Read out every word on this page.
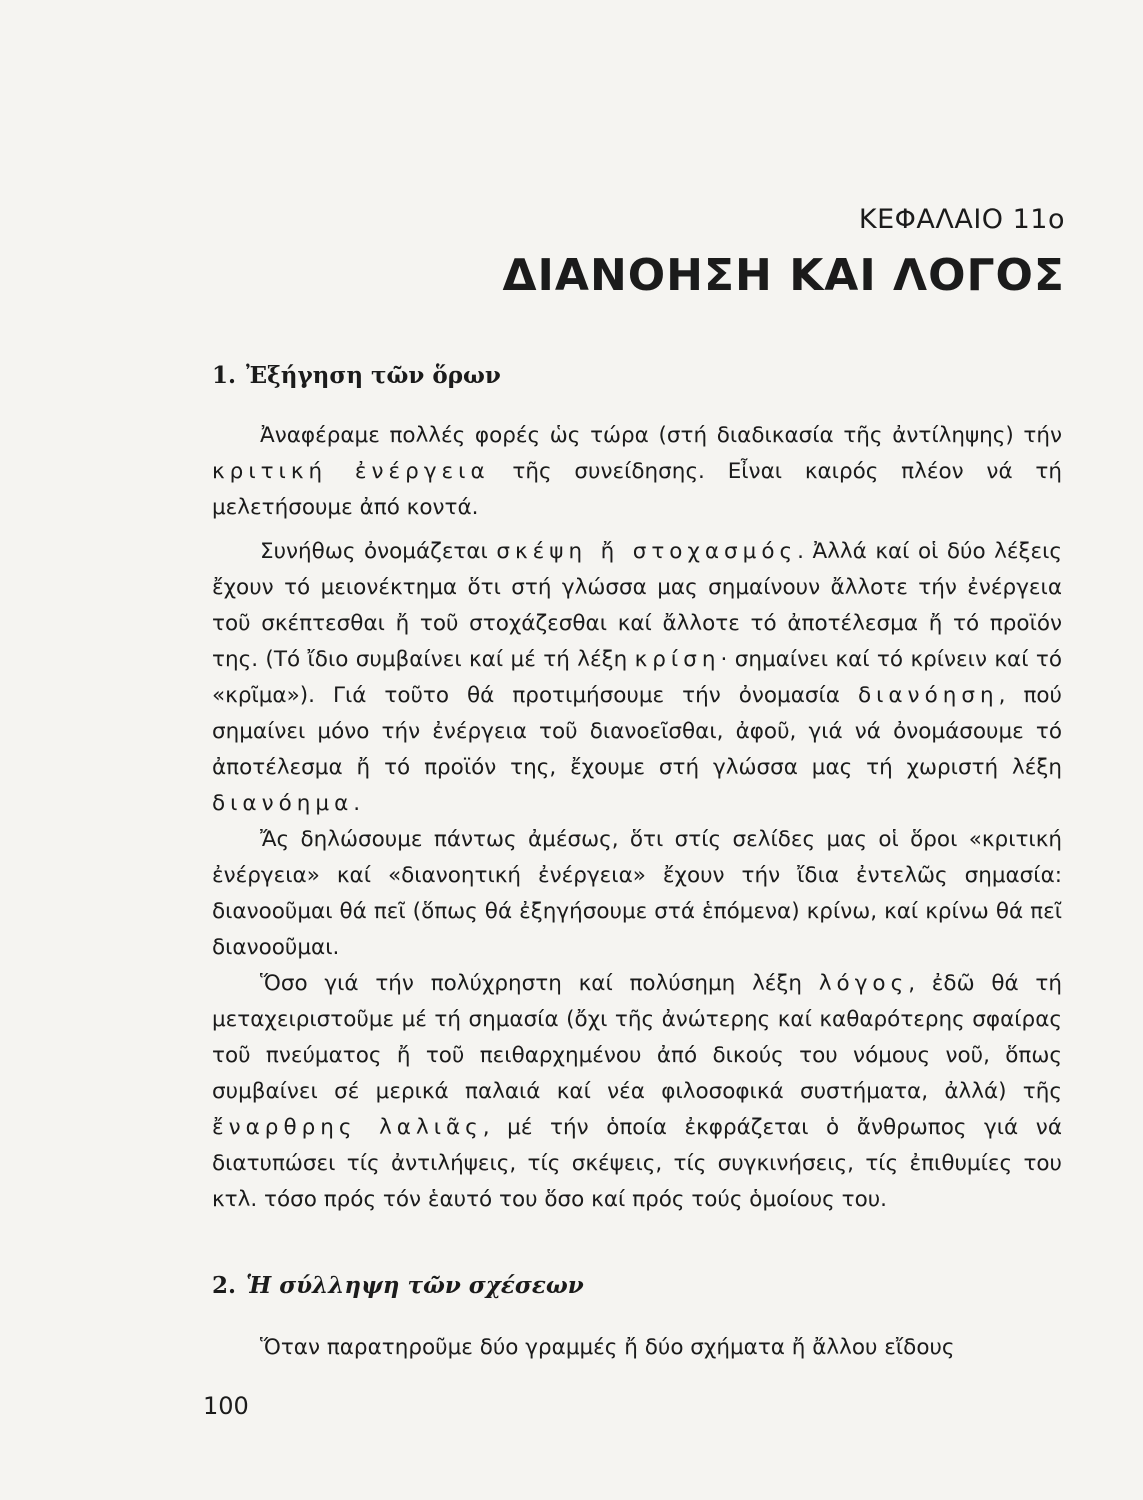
ΚΕΦΑΛΑΙΟ 11ο
ΔΙΑΝΟΗΣΗ ΚΑΙ ΛΟΓΟΣ
1. Ἐξήγηση τῶν ὅρων

Ἀναφέραμε πολλές φορές ὡς τώρα (στή διαδικασία τῆς ἀντίληψης) τήν κριτική ἐνέργεια τῆς συνείδησης. Εἶναι καιρός πλέον νά τή μελετήσουμε ἀπό κοντά.

Συνήθως ὀνομάζεται σκέψη ἤ στοχασμός. Ἀλλά καί οἱ δύο λέξεις ἔχουν τό μειονέκτημα ὅτι στή γλώσσα μας σημαίνουν ἄλλοτε τήν ἐνέργεια τοῦ σκέπτεσθαι ἤ τοῦ στοχάζεσθαι καί ἄλλοτε τό ἀποτέλεσμα ἤ τό προϊόν της. (Τό ἴδιο συμβαίνει καί μέ τή λέξη κρίση· σημαίνει καί τό κρίνειν καί τό «κρῖμα»). Γιά τοῦτο θά προτιμήσουμε τήν ὀνομασία διανόηση, πού σημαίνει μόνο τήν ἐνέργεια τοῦ διανοεῖσθαι, ἀφοῦ, γιά νά ὀνομάσουμε τό ἀποτέλεσμα ἤ τό προϊόν της, ἔχουμε στή γλώσσα μας τή χωριστή λέξη διανόημα.

Ἄς δηλώσουμε πάντως ἀμέσως, ὅτι στίς σελίδες μας οἱ ὅροι «κριτική ἐνέργεια» καί «διανοητική ἐνέργεια» ἔχουν τήν ἴδια ἐντελῶς σημασία: διανοοῦμαι θά πεῖ (ὅπως θά ἐξηγήσουμε στά ἑπόμενα) κρίνω, καί κρίνω θά πεῖ διανοοῦμαι.

Ὅσο γιά τήν πολύχρηστη καί πολύσημη λέξη λόγος, ἐδῶ θά τή μεταχειριστοῦμε μέ τή σημασία (ὄχι τῆς ἀνώτερης καί καθαρότερης σφαίρας τοῦ πνεύματος ἤ τοῦ πειθαρχημένου ἀπό δικούς του νόμους νοῦ, ὅπως συμβαίνει σέ μερικά παλαιά καί νέα φιλοσοφικά συστήματα, ἀλλά) τῆς ἔναρθρης λαλιᾶς, μέ τήν ὁποία ἐκφράζεται ὁ ἄνθρωπος γιά νά διατυπώσει τίς ἀντιλήψεις, τίς σκέψεις, τίς συγκινήσεις, τίς ἐπιθυμίες του κτλ. τόσο πρός τόν ἑαυτό του ὅσο καί πρός τούς ὁμοίους του.

2. Ἡ σύλληψη τῶν σχέσεων

Ὅταν παρατηροῦμε δύο γραμμές ἤ δύο σχήματα ἤ ἄλλου εἴδους

100
